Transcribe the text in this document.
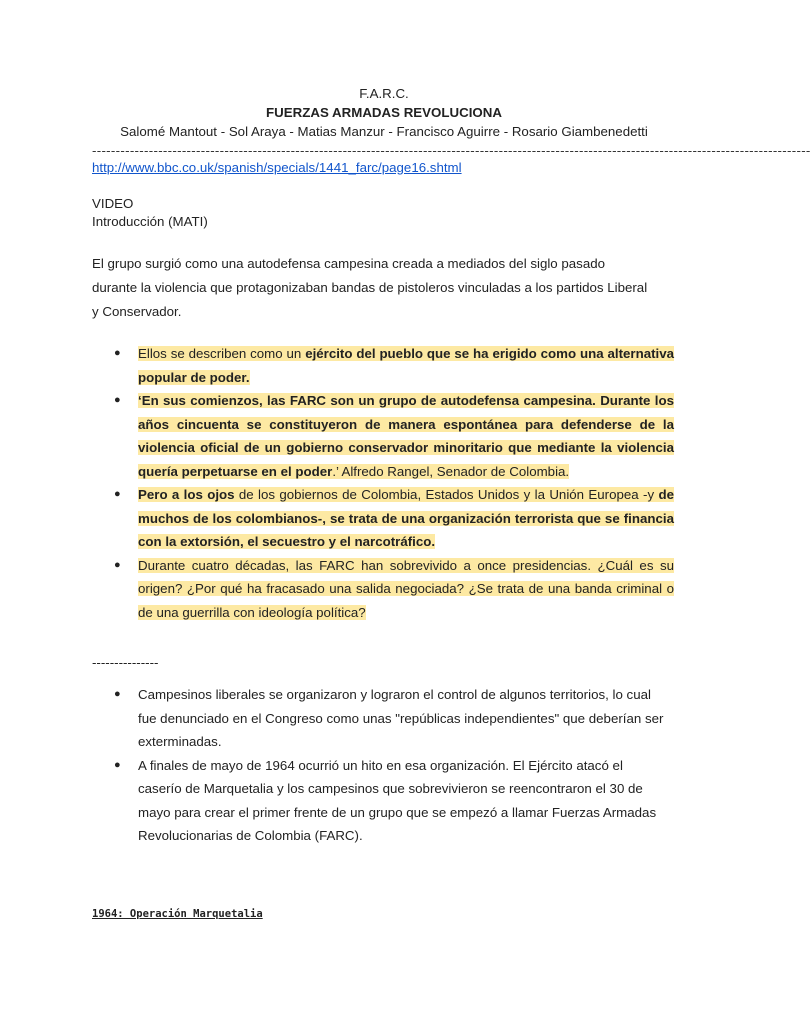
F.A.R.C.
FUERZAS ARMADAS REVOLUCIONA
Salomé Mantout - Sol Araya - Matias Manzur - Francisco Aguirre - Rosario Giambenedetti
--------------------------------------------------------------------------------------------------------------------------------------------------------
http://www.bbc.co.uk/spanish/specials/1441_farc/page16.shtml
VIDEO
Introducción (MATI)
El grupo surgió como una autodefensa campesina creada a mediados del siglo pasado durante la violencia que protagonizaban bandas de pistoleros vinculadas a los partidos Liberal y Conservador.
● Ellos se describen como un ejército del pueblo que se ha erigido como una alternativa popular de poder.
● ‘En sus comienzos, las FARC son un grupo de autodefensa campesina. Durante los años cincuenta se constituyeron de manera espontánea para defenderse de la violencia oficial de un gobierno conservador minoritario que mediante la violencia quería perpetuarse en el poder.’ Alfredo Rangel, Senador de Colombia.
● Pero a los ojos de los gobiernos de Colombia, Estados Unidos y la Unión Europea -y de muchos de los colombianos-, se trata de una organización terrorista que se financia con la extorsión, el secuestro y el narcotráfico.
● Durante cuatro décadas, las FARC han sobrevivido a once presidencias. ¿Cuál es su origen? ¿Por qué ha fracasado una salida negociada? ¿Se trata de una banda criminal o de una guerrilla con ideología política?
---------------
● Campesinos liberales se organizaron y lograron el control de algunos territorios, lo cual fue denunciado en el Congreso como unas "repúblicas independientes" que deberían ser exterminadas.
● A finales de mayo de 1964 ocurrió un hito en esa organización. El Ejército atacó el caserío de Marquetalia y los campesinos que sobrevivieron se reencontraron el 30 de mayo para crear el primer frente de un grupo que se empezó a llamar Fuerzas Armadas Revolucionarias de Colombia (FARC).
1964: Operación Marquetalia
